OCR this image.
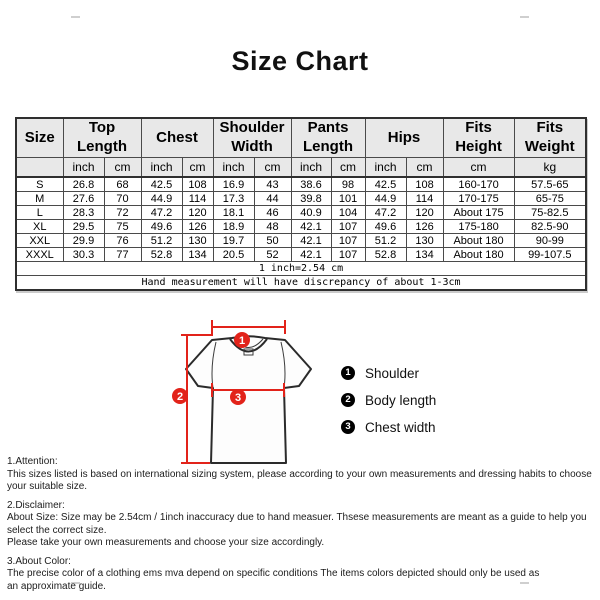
Size Chart
Size	Top Length		Chest		Shoulder Width		Pants Length		Hips		Fits Height	Fits Weight
	inch	cm	inch	cm	inch	cm	inch	cm	inch	cm	cm	kg
S	26.8	68	42.5	108	16.9	43	38.6	98	42.5	108	160-170	57.5-65
M	27.6	70	44.9	114	17.3	44	39.8	101	44.9	114	170-175	65-75
L	28.3	72	47.2	120	18.1	46	40.9	104	47.2	120	About 175	75-82.5
XL	29.5	75	49.6	126	18.9	48	42.1	107	49.6	126	175-180	82.5-90
XXL	29.9	76	51.2	130	19.7	50	42.1	107	51.2	130	About 180	90-99
XXXL	30.3	77	52.8	134	20.5	52	42.1	107	52.8	134	About 180	99-107.5
1 inch=2.54 cm												
Hand measurement will have discrepancy of about 1-3cm												
1
2	3
1	Shoulder
2	Body length
3	Chest width
1.Attention:
This sizes listed is based on international sizing system, please according to your own measurements and dressing habits to choose your suitable size.
2.Disclaimer:
About Size: Size may be 2.54cm / 1inch inaccuracy due to hand measuer. Thsese measurements are meant as a guide to help you select the correct size.
Please take your own measurements and choose your size accordingly.
3.About Color:
The precise color of a clothing ems mva depend on specific conditions The items colors depicted should only be used as
an approximate guide.
